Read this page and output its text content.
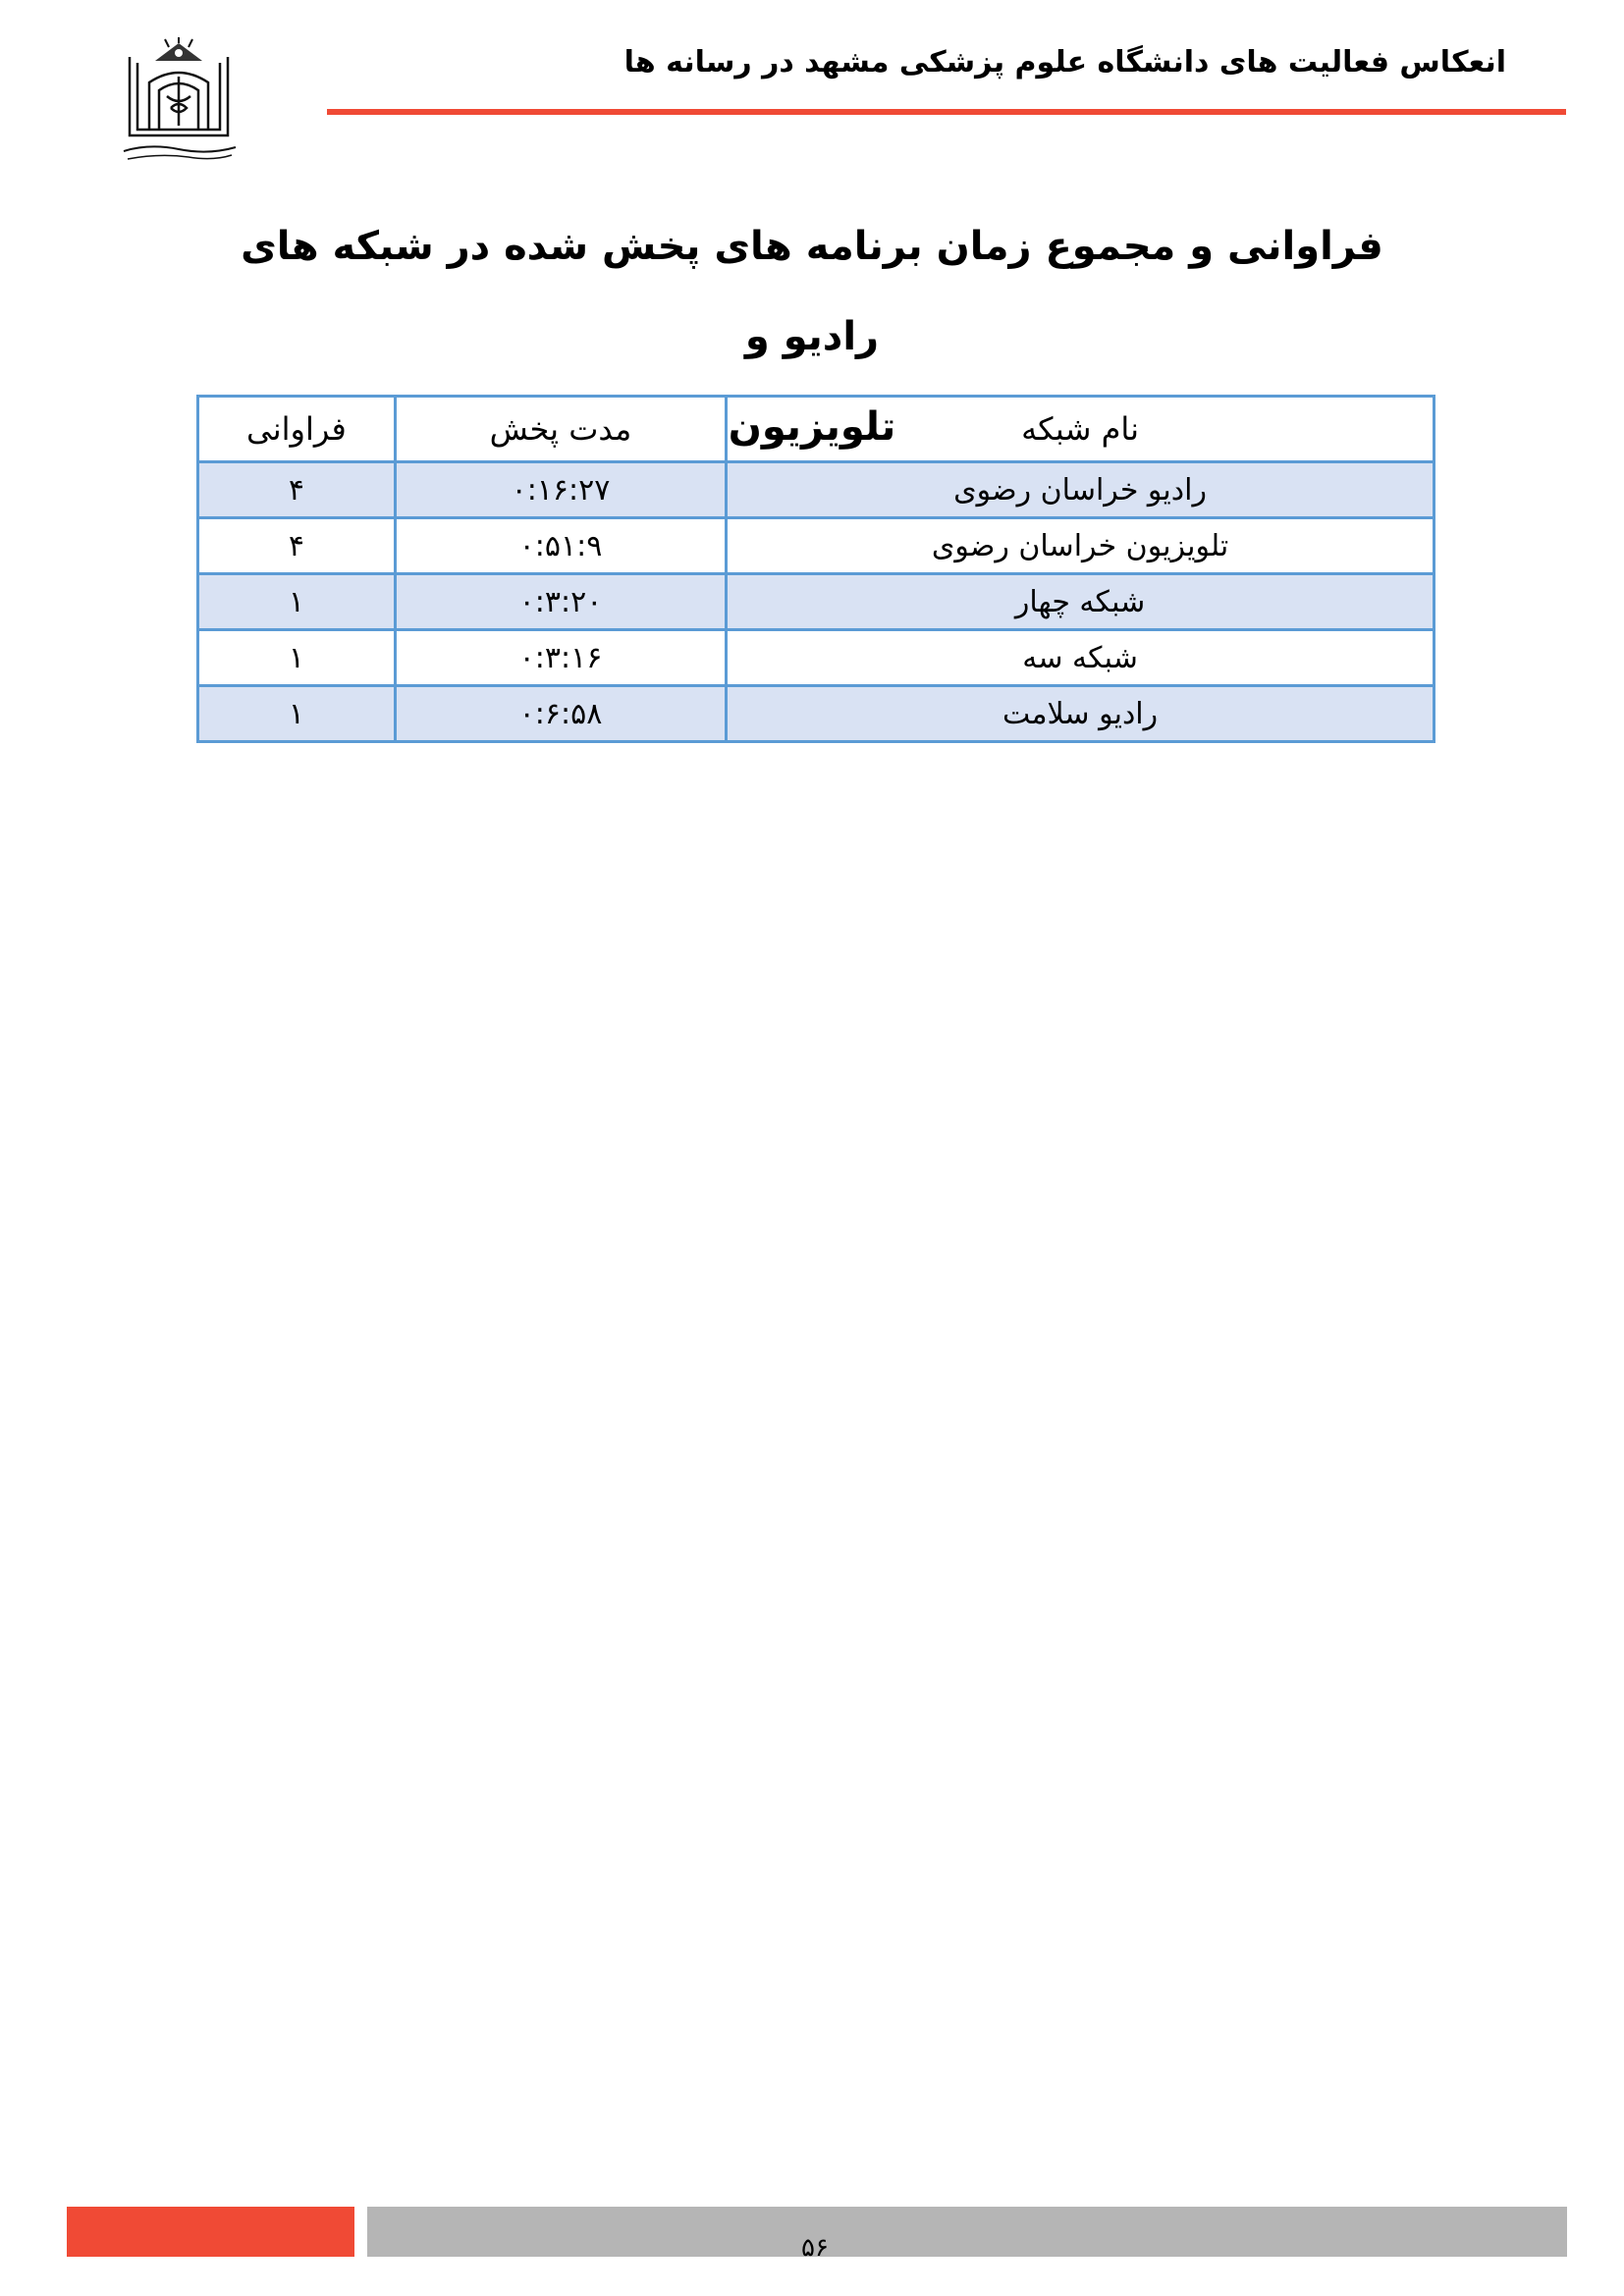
انعکاس فعالیت های دانشگاه علوم پزشکی مشهد در رسانه ها
فراوانی و مجموع زمان برنامه های پخش شده در شبکه های رادیو و
تلویزیون	نام شبکه	مدت پخش	فراوانی
رادیو خراسان رضوی	۰:۱۶:۲۷	۴
تلویزیون خراسان رضوی	۰:۵۱:۹	۴
شبکه چهار	۰:۳:۲۰	۱
شبکه سه	۰:۳:۱۶	۱
رادیو سلامت	۰:۶:۵۸	۱
۵۶
